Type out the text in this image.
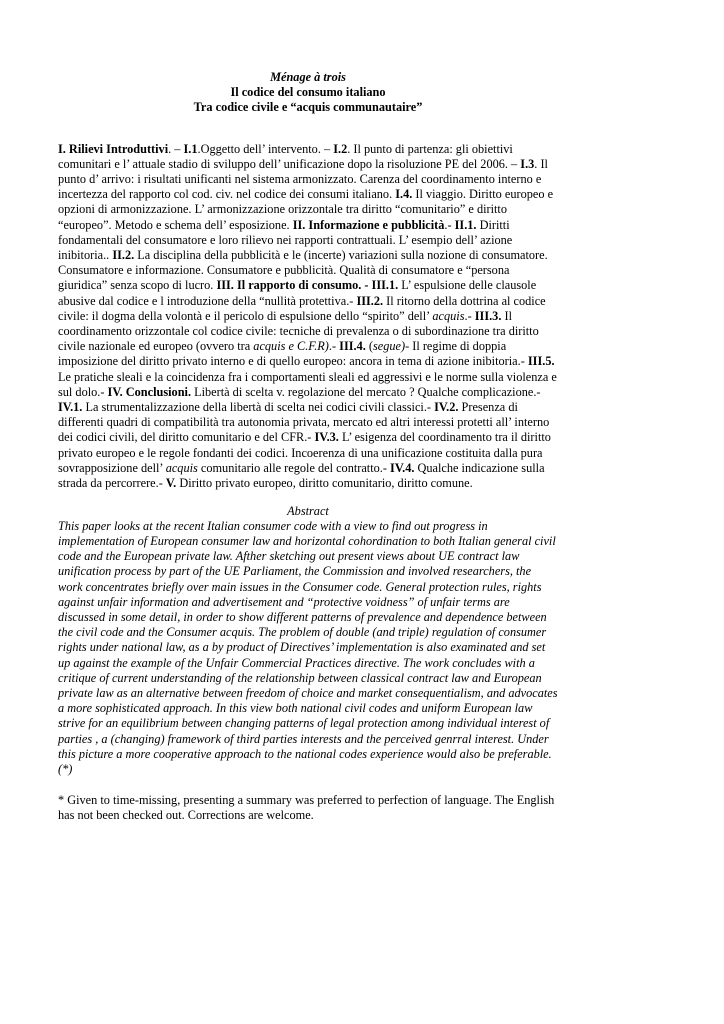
Ménage à trois
Il codice del consumo italiano
Tra codice civile e “acquis communautaire”

I. Rilievi Introduttivi. – I.1.Oggetto dell’ intervento. – I.2. Il punto di partenza: gli obiettivi comunitari e l’ attuale stadio di sviluppo dell’ unificazione dopo la risoluzione PE del 2006. – I.3. Il punto d’ arrivo: i risultati unificanti nel sistema armonizzato. Carenza del coordinamento interno e incertezza del rapporto col cod. civ. nel codice dei consumi italiano. I.4. Il viaggio. Diritto europeo e opzioni di armonizzazione. L’ armonizzazione orizzontale tra diritto “comunitario” e diritto “europeo”. Metodo e schema dell’ esposizione. II. Informazione e pubblicità.- II.1. Diritti fondamentali del consumatore e loro rilievo nei rapporti contrattuali. L’ esempio dell’ azione inibitoria.. II.2. La disciplina della pubblicità e le (incerte) variazioni sulla nozione di consumatore. Consumatore e informazione. Consumatore e pubblicità. Qualità di consumatore e “persona giuridica” senza scopo di lucro. III. Il rapporto di consumo. - III.1. L’ espulsione delle clausole abusive dal codice e l introduzione della “nullità protettiva.- III.2. Il ritorno della dottrina al codice civile: il dogma della volontà e il pericolo di espulsione dello “spirito” dell’ acquis.- III.3. Il coordinamento orizzontale col codice civile: tecniche di prevalenza o di subordinazione tra diritto civile nazionale ed europeo (ovvero tra acquis e C.F.R).- III.4. (segue)- Il regime di doppia imposizione del diritto privato interno e di quello europeo: ancora in tema di azione inibitoria.- III.5. Le pratiche sleali e la coincidenza fra i comportamenti sleali ed aggressivi e le norme sulla violenza e sul dolo.- IV. Conclusioni. Libertà di scelta v. regolazione del mercato ? Qualche complicazione.- IV.1. La strumentalizzazione della libertà di scelta nei codici civili classici.- IV.2. Presenza di differenti quadri di compatibilità tra autonomia privata, mercato ed altri interessi protetti all’ interno dei codici civili, del diritto comunitario e del CFR.- IV.3. L’ esigenza del coordinamento tra il diritto privato europeo e le regole fondanti dei codici. Incoerenza di una unificazione costituita dalla pura sovrapposizione dell’ acquis comunitario alle regole del contratto.- IV.4. Qualche indicazione sulla strada da percorrere.- V. Diritto privato europeo, diritto comunitario, diritto comune.

Abstract
This paper looks at the recent Italian consumer code with a view to find out progress in implementation of European consumer law and horizontal cohordination to both Italian general civil code and the European private law. Afther sketching out present views about UE contract law unification process by part of the UE Parliament, the Commission and involved researchers, the work concentrates briefly over main issues in the Consumer code. General protection rules, rights against unfair information and advertisement and “protective voidness” of unfair terms are discussed in some detail, in order to show different patterns of prevalence and dependence between the civil code and the Consumer acquis. The problem of double (and triple) regulation of consumer rights under national law, as a by product of Directives’ implementation is also examinated and set up against the example of the Unfair Commercial Practices directive. The work concludes with a critique of current understanding of the relationship between classical contract law and European private law as an alternative between freedom of choice and market consequentialism, and advocates a more sophisticated approach. In this view both national civil codes and uniform European law strive for an equilibrium between changing patterns of legal protection among individual interest of parties , a (changing) framework of third parties interests and the perceived genrral interest. Under this picture a more cooperative approach to the national codes experience would also be preferable.(*)
* Given to time-missing, presenting a summary was preferred to perfection of language. The English has not been checked out. Corrections are welcome.
